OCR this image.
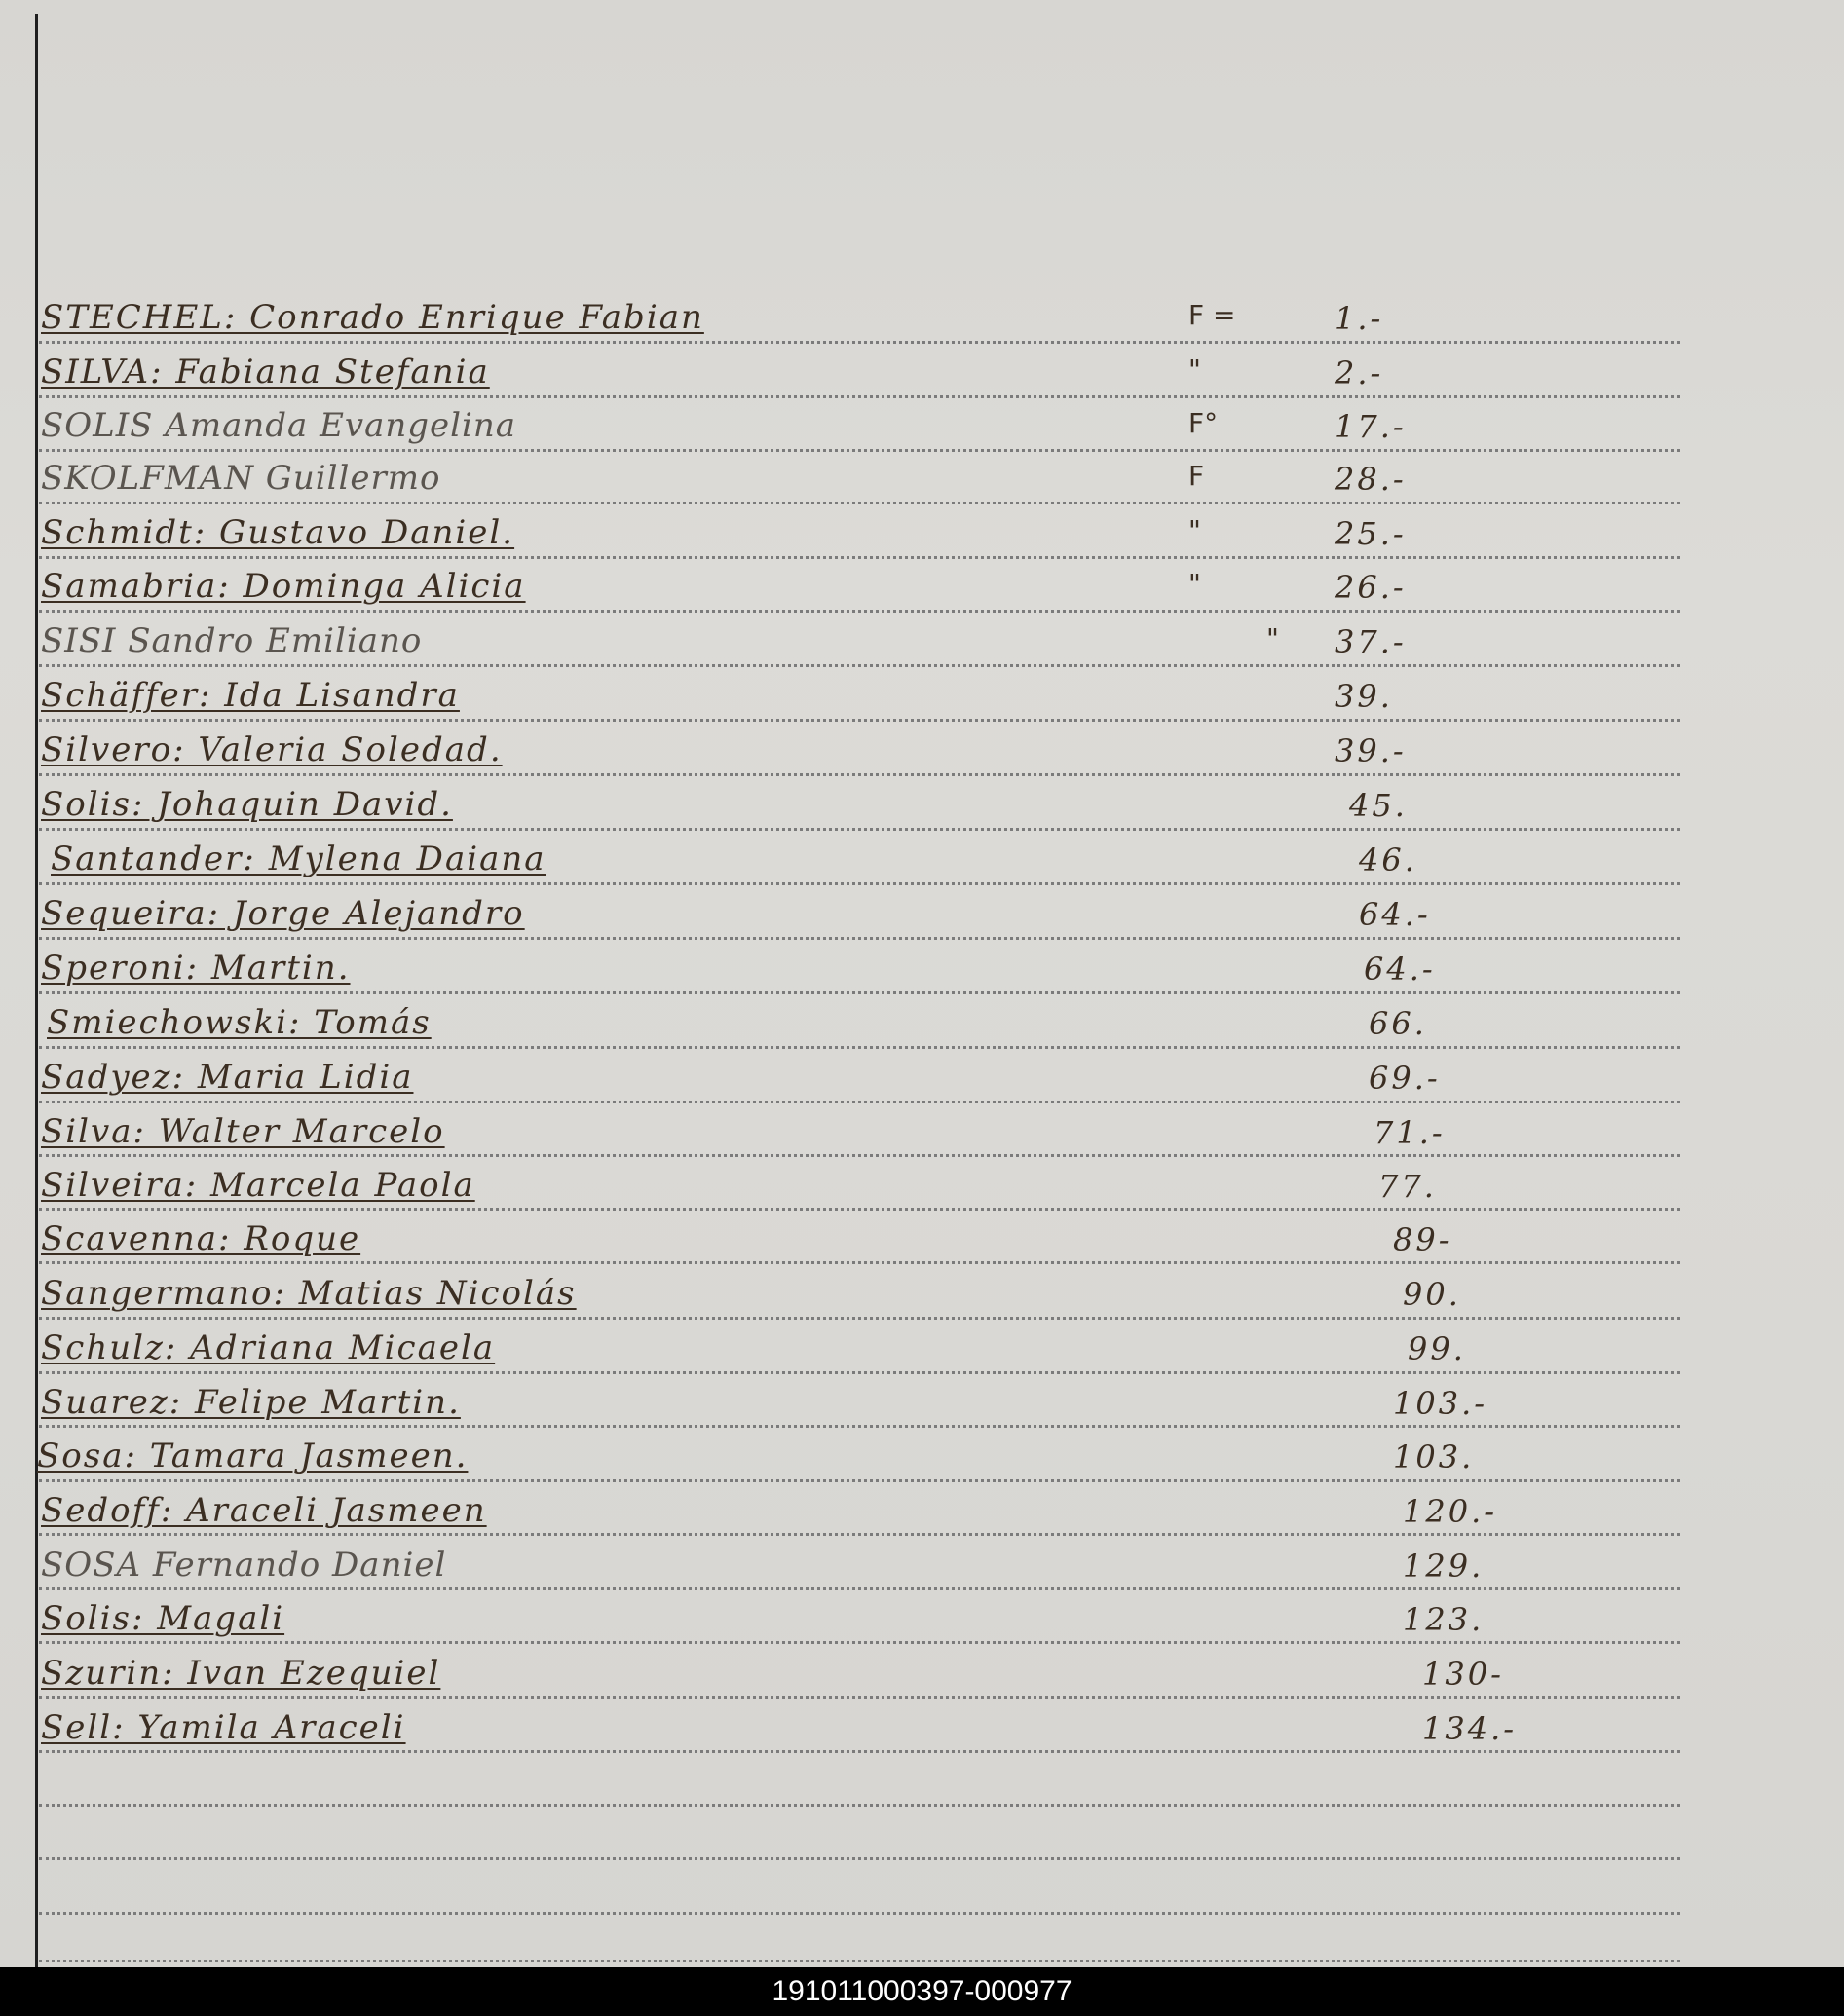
STECHEL: Conrado Enrique Fabian	F =	1.-
SILVA: Fabiana Stefania	"	2.-
SOLIS Amanda Evangelina	F°	17.-
SKOLFMAN Guillermo	F	28.-
Schmidt: Gustavo Daniel.	"	25.-
Samabria: Dominga Alicia	"	26.-
SISI Sandro Emiliano	" 37.-
Schäffer: Ida Lisandra	39.
Silvero: Valeria Soledad.	39.-
Solis: Johaquin David.	45.
Santander: Mylena Daiana	46.
Sequeira: Jorge Alejandro	64.-
Speroni: Martin.	64.-
Smiechowski: Tomás	66.
Sadyez: Maria Lidia	69.-
Silva: Walter Marcelo	71.-
Silveira: Marcela Paola	77.
Scavenna: Roque	89-
Sangermano: Matias Nicolás	90.
Schulz: Adriana Micaela	99.
Suarez: Felipe Martin.	103.-
Sosa: Tamara Jasmeen.	103.
Sedoff: Araceli Jasmeen	120.-
SOSA Fernando Daniel	129.
Solis: Magali	123.
Szurin: Ivan Ezequiel	130-
Sell: Yamila Araceli	134.-
191011000397-000977
